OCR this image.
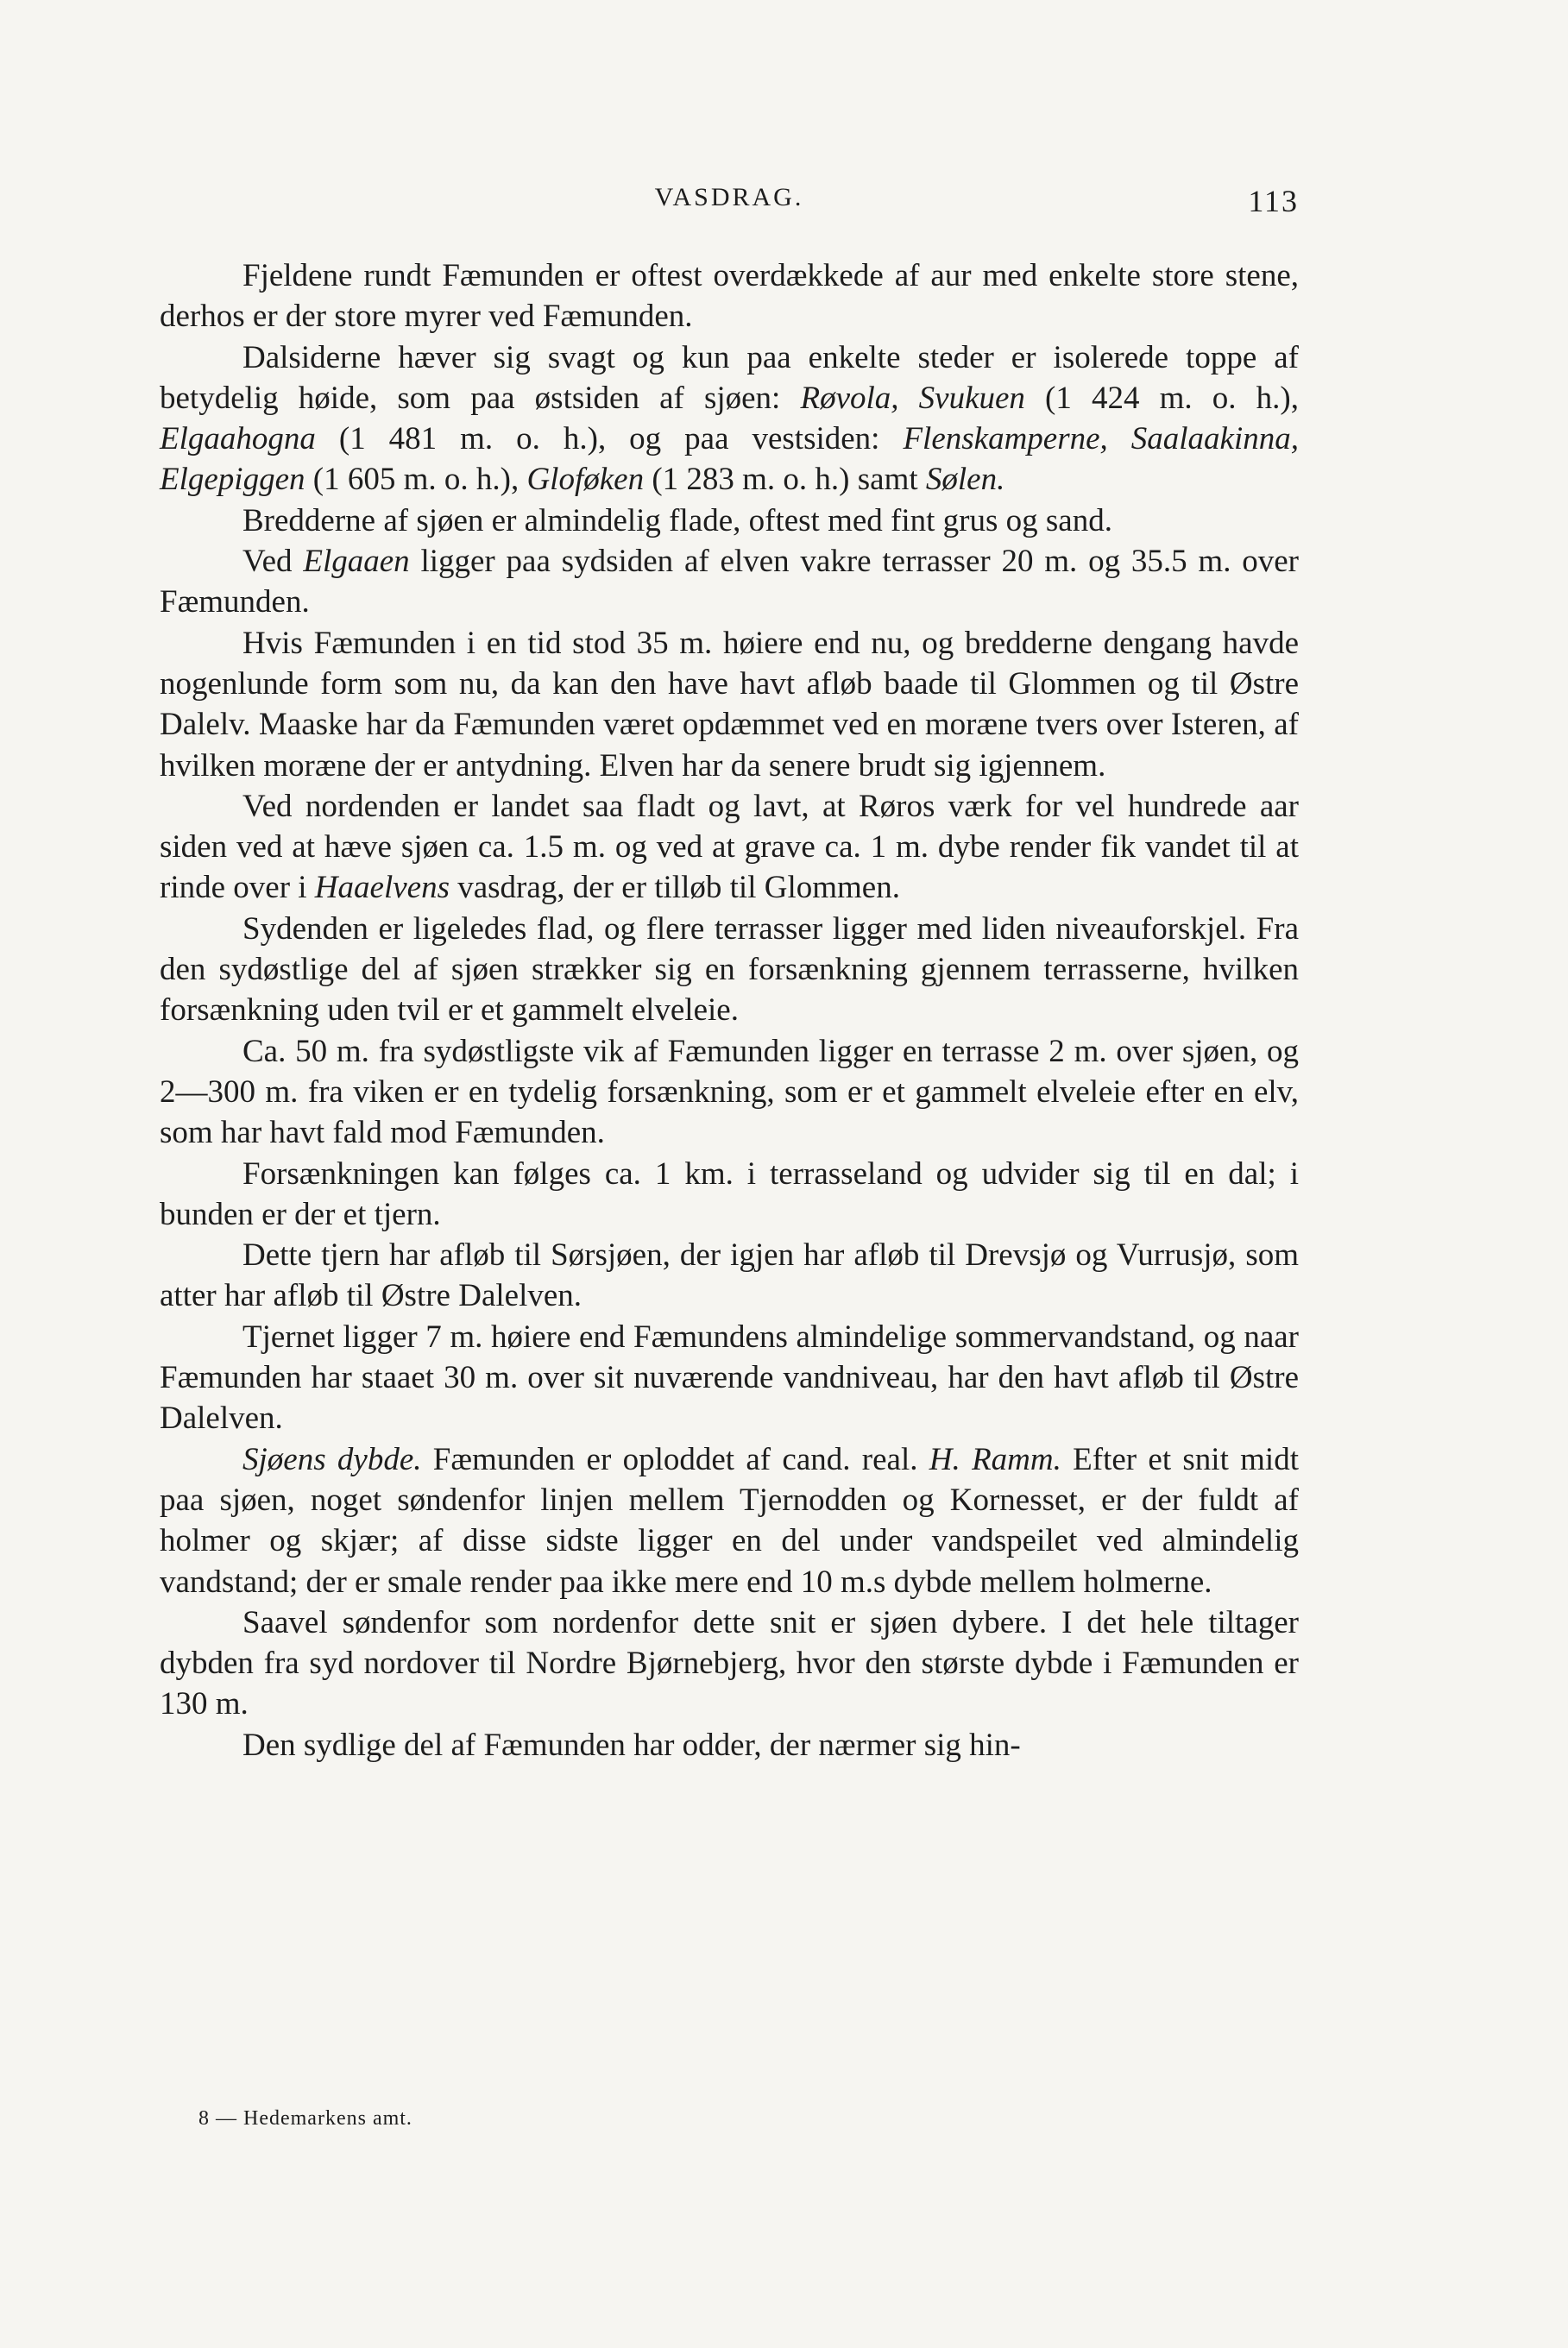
VASDRAG.	113

Fjeldene rundt Fæmunden er oftest overdækkede af aur med enkelte store stene, derhos er der store myrer ved Fæmunden.

Dalsiderne hæver sig svagt og kun paa enkelte steder er isolerede toppe af betydelig høide, som paa østsiden af sjøen: Røvola, Svukuen (1 424 m. o. h.), Elgaahogna (1 481 m. o. h.), og paa vestsiden: Flenskamperne, Saalaakinna, Elgepiggen (1 605 m. o. h.), Gloføken (1 283 m. o. h.) samt Sølen.

Bredderne af sjøen er almindelig flade, oftest med fint grus og sand.

Ved Elgaaen ligger paa sydsiden af elven vakre terrasser 20 m. og 35.5 m. over Fæmunden.

Hvis Fæmunden i en tid stod 35 m. høiere end nu, og bredderne dengang havde nogenlunde form som nu, da kan den have havt afløb baade til Glommen og til Østre Dalelv. Maaske har da Fæmunden været opdæmmet ved en moræne tvers over Isteren, af hvilken moræne der er antydning. Elven har da senere brudt sig igjennem.

Ved nordenden er landet saa fladt og lavt, at Røros værk for vel hundrede aar siden ved at hæve sjøen ca. 1.5 m. og ved at grave ca. 1 m. dybe render fik vandet til at rinde over i Haaelvens vasdrag, der er tilløb til Glommen.

Sydenden er ligeledes flad, og flere terrasser ligger med liden niveauforskjel. Fra den sydøstlige del af sjøen strækker sig en forsænkning gjennem terrasserne, hvilken forsænkning uden tvil er et gammelt elveleie.

Ca. 50 m. fra sydøstligste vik af Fæmunden ligger en terrasse 2 m. over sjøen, og 2—300 m. fra viken er en tydelig forsænkning, som er et gammelt elveleie efter en elv, som har havt fald mod Fæmunden.

Forsænkningen kan følges ca. 1 km. i terrasseland og udvider sig til en dal; i bunden er der et tjern.

Dette tjern har afløb til Sørsjøen, der igjen har afløb til Drevsjø og Vurrusjø, som atter har afløb til Østre Dalelven.

Tjernet ligger 7 m. høiere end Fæmundens almindelige sommervandstand, og naar Fæmunden har staaet 30 m. over sit nuværende vandniveau, har den havt afløb til Østre Dalelven.

Sjøens dybde. Fæmunden er oploddet af cand. real. H. Ramm. Efter et snit midt paa sjøen, noget søndenfor linjen mellem Tjernodden og Kornesset, er der fuldt af holmer og skjær; af disse sidste ligger en del under vandspeilet ved almindelig vandstand; der er smale render paa ikke mere end 10 m.s dybde mellem holmerne.

Saavel søndenfor som nordenfor dette snit er sjøen dybere. I det hele tiltager dybden fra syd nordover til Nordre Bjørnebjerg, hvor den største dybde i Fæmunden er 130 m.

Den sydlige del af Fæmunden har odder, der nærmer sig hin-

8 — Hedemarkens amt.
